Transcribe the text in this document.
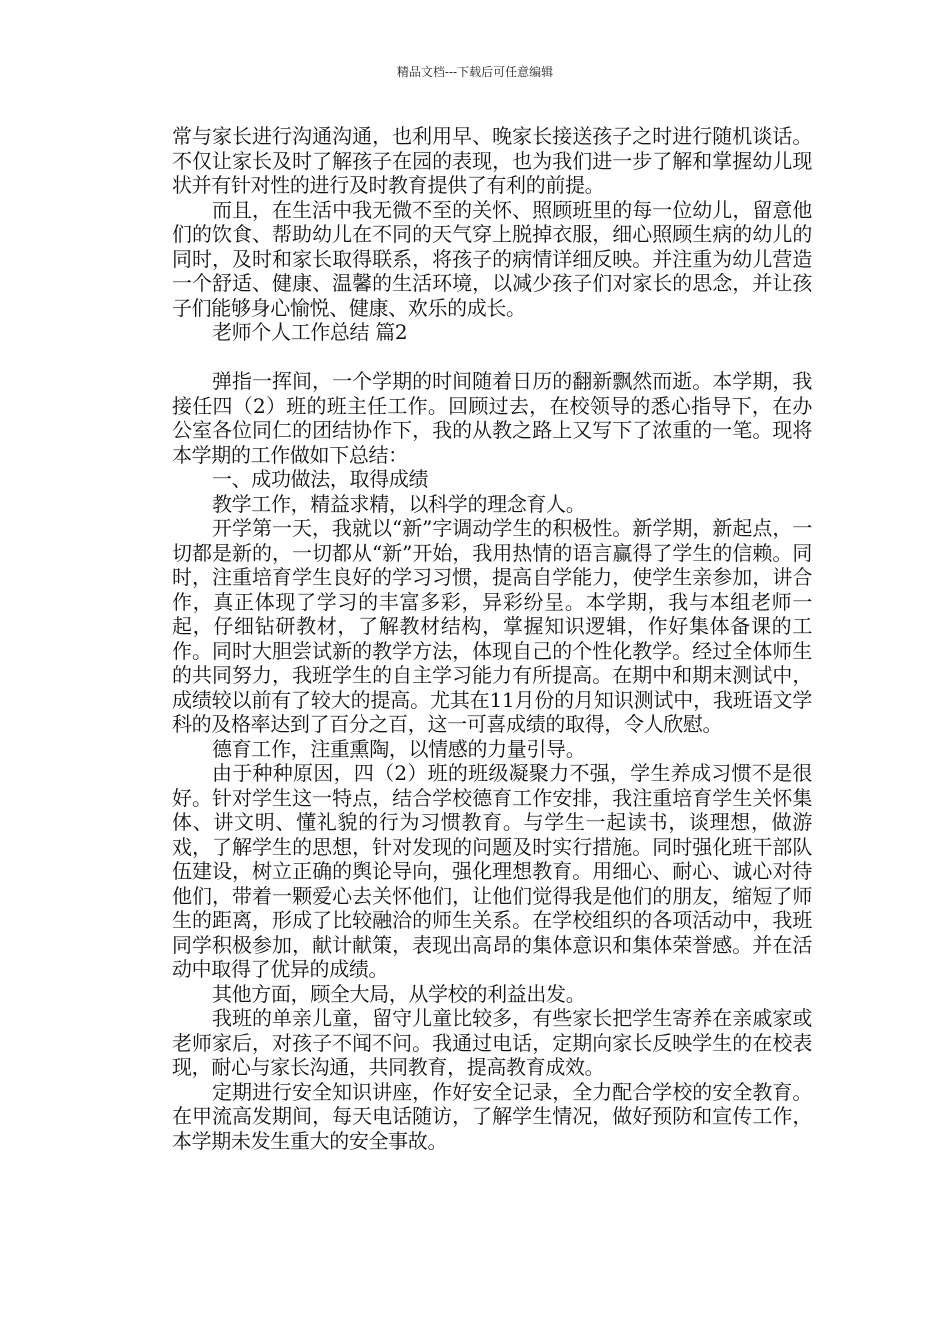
精品文档---下载后可任意编辑

常与家长进行沟通沟通，也利用早、晚家长接送孩子之时进行随机谈话。不仅让家长及时了解孩子在园的表现，也为我们进一步了解和掌握幼儿现状并有针对性的进行及时教育提供了有利的前提。

而且，在生活中我无微不至的关怀、照顾班里的每一位幼儿，留意他们的饮食、帮助幼儿在不同的天气穿上脱掉衣服，细心照顾生病的幼儿的同时，及时和家长取得联系，将孩子的病情详细反映。并注重为幼儿营造一个舒适、健康、温馨的生活环境，以减少孩子们对家长的思念，并让孩子们能够身心愉悦、健康、欢乐的成长。

老师个人工作总结 篇2

弹指一挥间，一个学期的时间随着日历的翻新飘然而逝。本学期，我接任四（2）班的班主任工作。回顾过去，在校领导的悉心指导下，在办公室各位同仁的团结协作下，我的从教之路上又写下了浓重的一笔。现将本学期的工作做如下总结：

一、成功做法，取得成绩

教学工作，精益求精，以科学的理念育人。

开学第一天，我就以“新”字调动学生的积极性。新学期，新起点，一切都是新的，一切都从“新”开始，我用热情的语言赢得了学生的信赖。同时，注重培育学生良好的学习习惯，提高自学能力，使学生亲参加，讲合作，真正体现了学习的丰富多彩，异彩纷呈。本学期，我与本组老师一起，仔细钻研教材，了解教材结构，掌握知识逻辑，作好集体备课的工作。同时大胆尝试新的教学方法，体现自己的个性化教学。经过全体师生的共同努力，我班学生的自主学习能力有所提高。在期中和期末测试中，成绩较以前有了较大的提高。尤其在11月份的月知识测试中，我班语文学科的及格率达到了百分之百，这一可喜成绩的取得，令人欣慰。

德育工作，注重熏陶，以情感的力量引导。

由于种种原因，四（2）班的班级凝聚力不强，学生养成习惯不是很好。针对学生这一特点，结合学校德育工作安排，我注重培育学生关怀集体、讲文明、懂礼貌的行为习惯教育。与学生一起读书，谈理想，做游戏，了解学生的思想，针对发现的问题及时实行措施。同时强化班干部队伍建设，树立正确的舆论导向，强化理想教育。用细心、耐心、诚心对待他们，带着一颗爱心去关怀他们，让他们觉得我是他们的朋友，缩短了师生的距离，形成了比较融洽的师生关系。在学校组织的各项活动中，我班同学积极参加，献计献策，表现出高昂的集体意识和集体荣誉感。并在活动中取得了优异的成绩。

其他方面，顾全大局，从学校的利益出发。

我班的单亲儿童，留守儿童比较多，有些家长把学生寄养在亲戚家或老师家后，对孩子不闻不问。我通过电话，定期向家长反映学生的在校表现，耐心与家长沟通，共同教育，提高教育成效。

定期进行安全知识讲座，作好安全记录，全力配合学校的安全教育。在甲流高发期间，每天电话随访，了解学生情况，做好预防和宣传工作，本学期未发生重大的安全事故。
